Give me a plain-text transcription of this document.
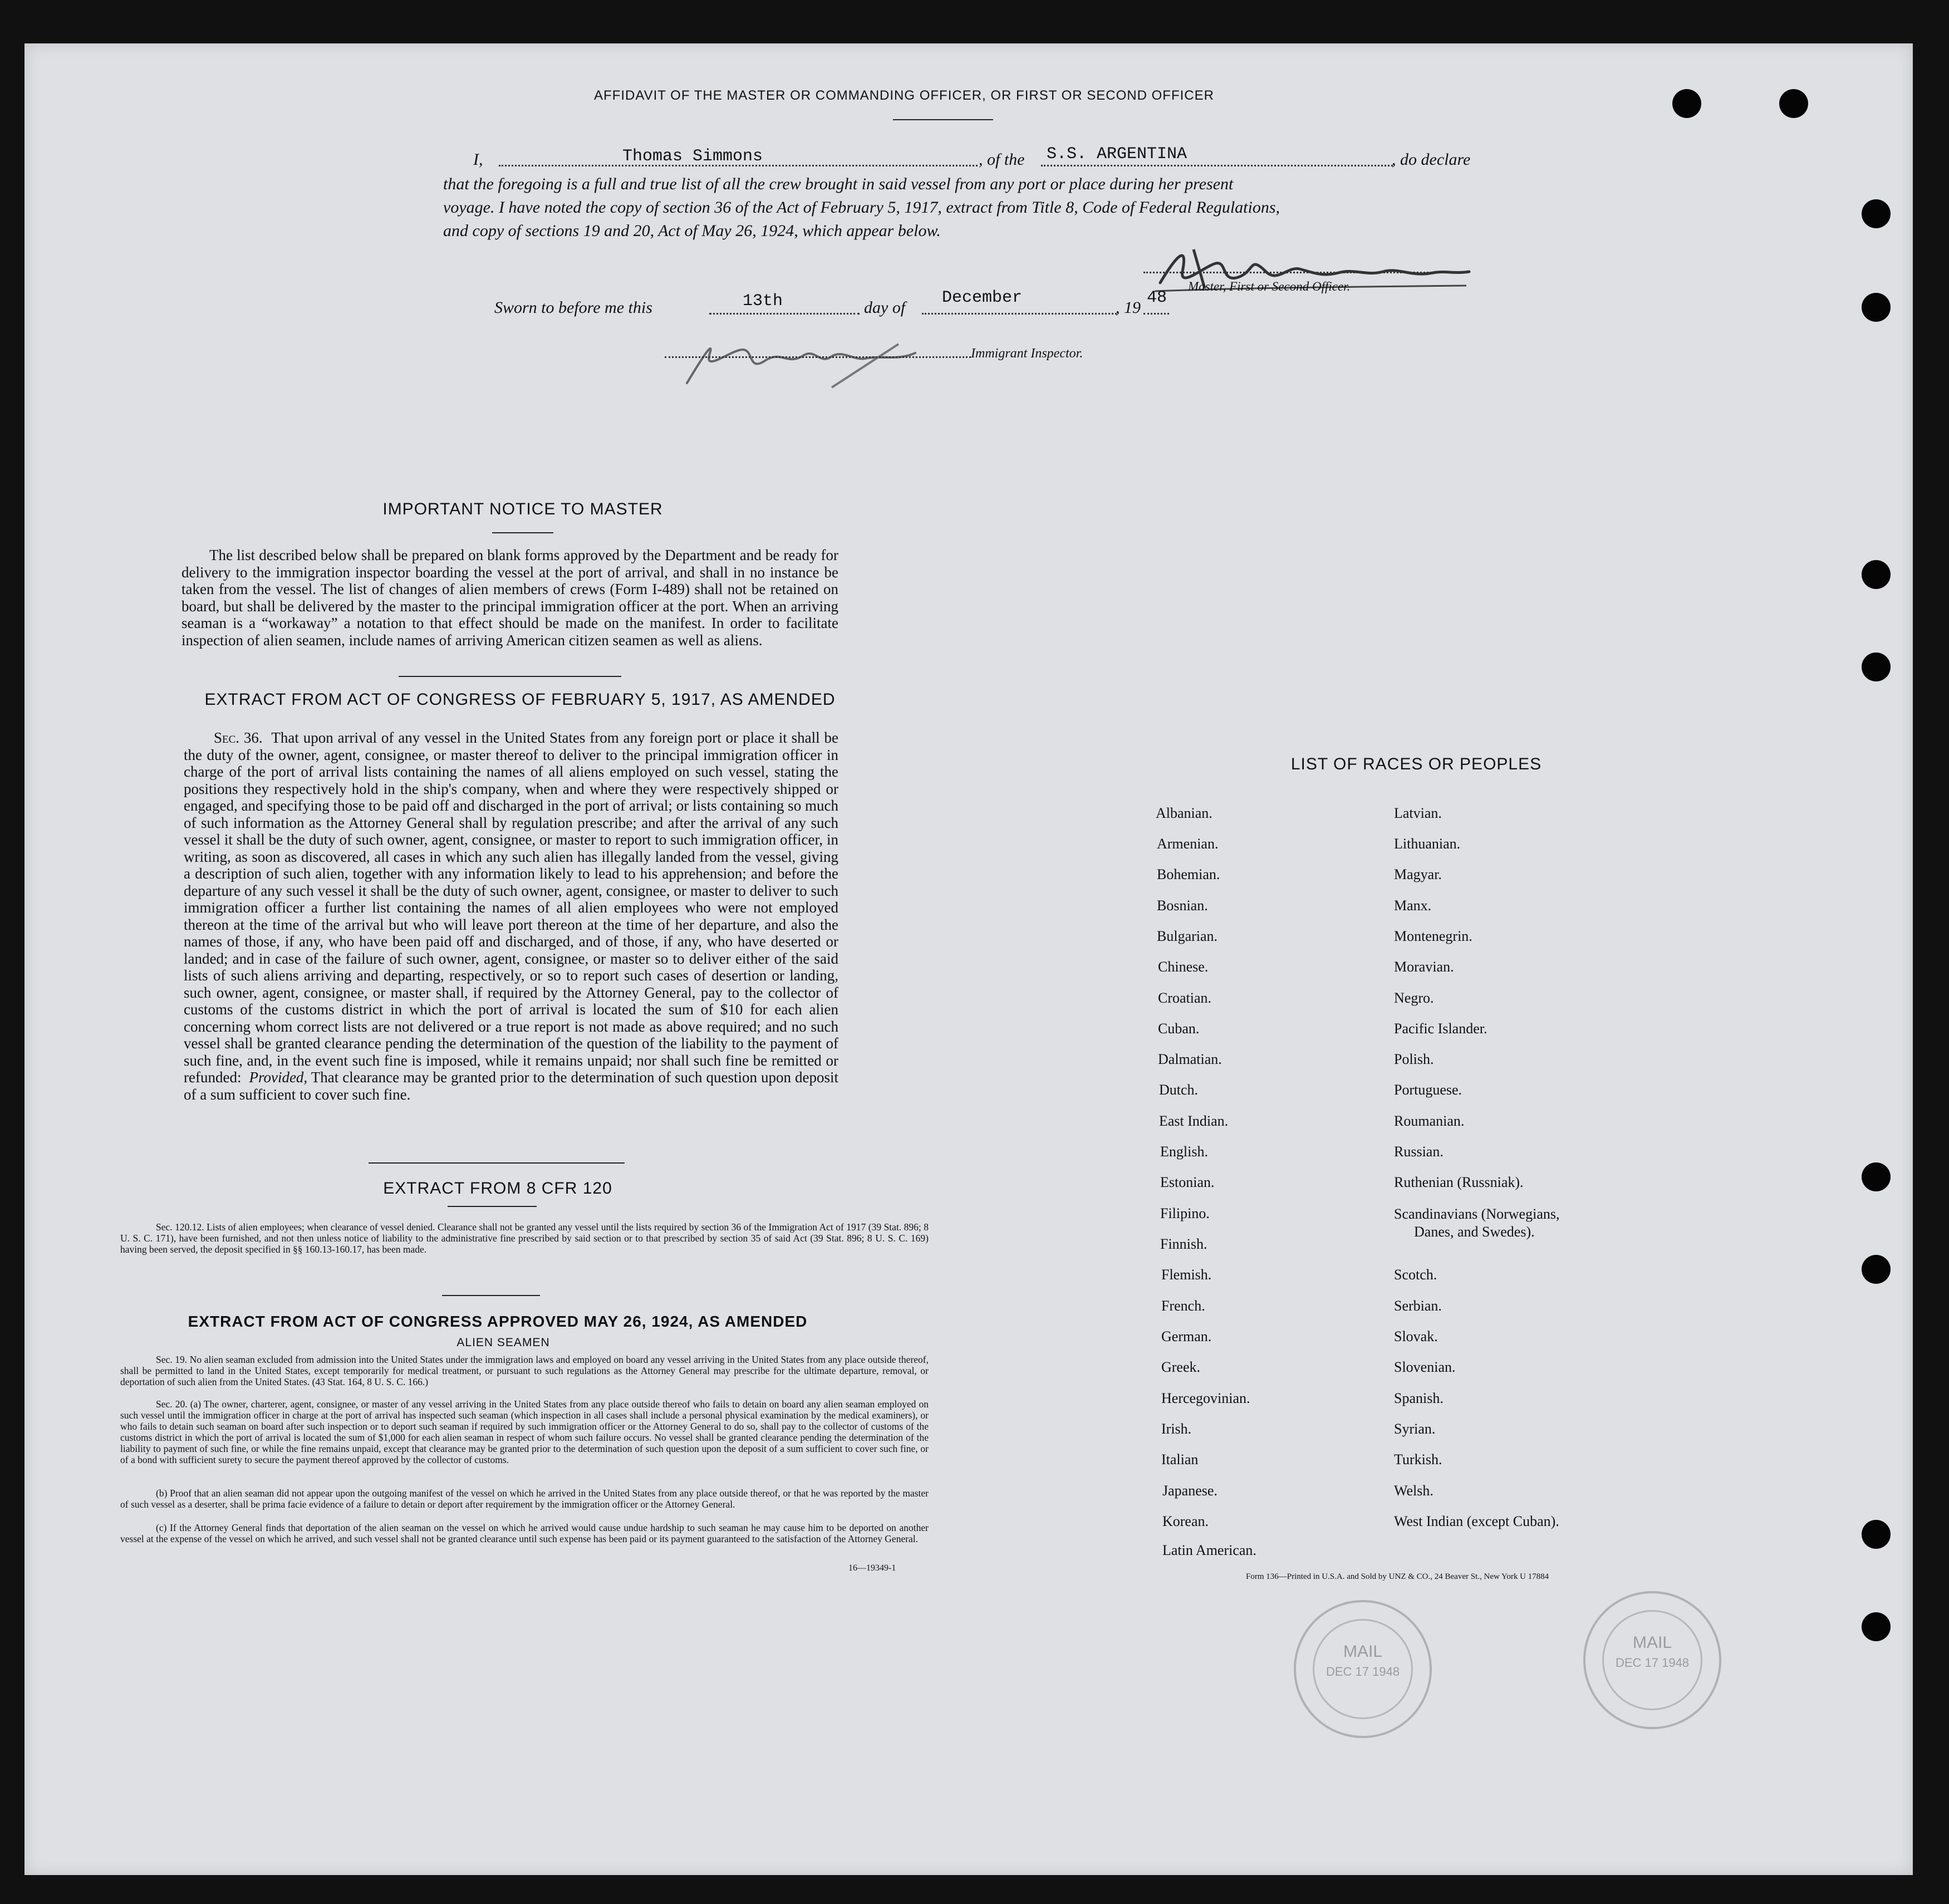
AFFIDAVIT OF THE MASTER OR COMMANDING OFFICER, OR FIRST OR SECOND OFFICER
I,	Thomas Simmons	, of the S.S. ARGENTINA	, do declare
that the foregoing is a full and true list of all the crew brought in said vessel from any port or place during her present
voyage. I have noted the copy of section 36 of the Act of February 5, 1917, extract from Title 8, Code of Federal Regulations,
and copy of sections 19 and 20, Act of May 26, 1924, which appear below.
Master, First or Second Officer.
Sworn to before me this	13th	day of
December
, 19
48
Immigrant Inspector.
IMPORTANT NOTICE TO MASTER
The list described below shall be prepared on blank forms approved by the Department and be ready for delivery to the immigration inspector boarding the vessel at the port of arrival, and shall in no instance be taken from the vessel. The list of changes of alien members of crews (Form I-489) shall not be retained on board, but shall be delivered by the master to the principal immigration officer at the port. When an arriving seaman is a “workaway” a notation to that effect should be made on the manifest. In order to facilitate inspection of alien seamen, include names of arriving American citizen seamen as well as aliens.
EXTRACT FROM ACT OF CONGRESS OF FEBRUARY 5, 1917, AS AMENDED
Sec. 36. That upon arrival of any vessel in the United States from any foreign port or place it shall be the duty of the owner, agent, consignee, or master thereof to deliver to the principal immigration officer in charge of the port of arrival lists containing the names of all aliens employed on such vessel, stating the positions they respectively hold in the ship's company, when and where they were respectively shipped or engaged, and specifying those to be paid off and discharged in the port of arrival; or lists containing so much of such information as the Attorney General shall by regulation prescribe; and after the arrival of any such vessel it shall be the duty of such owner, agent, consignee, or master to report to such immigration officer, in writing, as soon as discovered, all cases in which any such alien has illegally landed from the vessel, giving a description of such alien, together with any information likely to lead to his apprehension; and before the departure of any such vessel it shall be the duty of such owner, agent, consignee, or master to deliver to such immigration officer a further list containing the names of all alien employees who were not employed thereon at the time of the arrival but who will leave port thereon at the time of her departure, and also the names of those, if any, who have been paid off and discharged, and of those, if any, who have deserted or landed; and in case of the failure of such owner, agent, consignee, or master so to deliver either of the said lists of such aliens arriving and departing, respectively, or so to report such cases of desertion or landing, such owner, agent, consignee, or master shall, if required by the Attorney General, pay to the collector of customs of the customs district in which the port of arrival is located the sum of $10 for each alien concerning whom correct lists are not delivered or a true report is not made as above required; and no such vessel shall be granted clearance pending the determination of the question of the liability to the payment of such fine, and, in the event such fine is imposed, while it remains unpaid; nor shall such fine be remitted or refunded: Provided, That clearance may be granted prior to the determination of such question upon deposit of a sum sufficient to cover such fine.
EXTRACT FROM 8 CFR 120
Sec. 120.12. Lists of alien employees; when clearance of vessel denied. Clearance shall not be granted any vessel until the lists required by section 36 of the Immigration Act of 1917 (39 Stat. 896; 8 U. S. C. 171), have been furnished, and not then unless notice of liability to the administrative fine prescribed by said section or to that prescribed by section 35 of said Act (39 Stat. 896; 8 U. S. C. 169) having been served, the deposit specified in §§ 160.13-160.17, has been made.
EXTRACT FROM ACT OF CONGRESS APPROVED MAY 26, 1924, AS AMENDED
ALIEN SEAMEN
Sec. 19. No alien seaman excluded from admission into the United States under the immigration laws and employed on board any vessel arriving in the United States from any place outside thereof, shall be permitted to land in the United States, except temporarily for medical treatment, or pursuant to such regulations as the Attorney General may prescribe for the ultimate departure, removal, or deportation of such alien from the United States. (43 Stat. 164, 8 U. S. C. 166.)
Sec. 20. (a) The owner, charterer, agent, consignee, or master of any vessel arriving in the United States from any place outside thereof who fails to detain on board any alien seaman employed on such vessel until the immigration officer in charge at the port of arrival has inspected such seaman (which inspection in all cases shall include a personal physical examination by the medical examiners), or who fails to detain such seaman on board after such inspection or to deport such seaman if required by such immigration officer or the Attorney General to do so, shall pay to the collector of customs of the customs district in which the port of arrival is located the sum of $1,000 for each alien seaman in respect of whom such failure occurs. No vessel shall be granted clearance pending the determination of the liability to payment of such fine, or while the fine remains unpaid, except that clearance may be granted prior to the determination of such question upon the deposit of a sum sufficient to cover such fine, or of a bond with sufficient surety to secure the payment thereof approved by the collector of customs.
(b) Proof that an alien seaman did not appear upon the outgoing manifest of the vessel on which he arrived in the United States from any place outside thereof, or that he was reported by the master of such vessel as a deserter, shall be prima facie evidence of a failure to detain or deport after requirement by the immigration officer or the Attorney General.
(c) If the Attorney General finds that deportation of the alien seaman on the vessel on which he arrived would cause undue hardship to such seaman he may cause him to be deported on another vessel at the expense of the vessel on which he arrived, and such vessel shall not be granted clearance until such expense has been paid or its payment guaranteed to the satisfaction of the Attorney General.
16—19349-1
LIST OF RACES OR PEOPLES
Albanian.
Armenian.
Bohemian.
Bosnian.
Bulgarian.
Chinese.
Croatian.
Cuban.
Dalmatian.
Dutch.
East Indian.
English.
Estonian.
Filipino.
Finnish.
Flemish.
French.
German.
Greek.
Hercegovinian.
Irish.
Italian
Japanese.
Korean.
Latin American.
Latvian.
Lithuanian.
Magyar.
Manx.
Montenegrin.
Moravian.
Negro.
Pacific Islander.
Polish.
Portuguese.
Roumanian.
Russian.
Ruthenian (Russniak).
Scandinavians (Norwegians,
Danes, and Swedes).
Scotch.
Serbian.
Slovak.
Slovenian.
Spanish.
Syrian.
Turkish.
Welsh.
West Indian (except Cuban).
Form 136—Printed in U.S.A. and Sold by UNZ & CO., 24 Beaver St., New York U 17884
MAIL
DEC 17 1948
MAIL
DEC 17 1948
